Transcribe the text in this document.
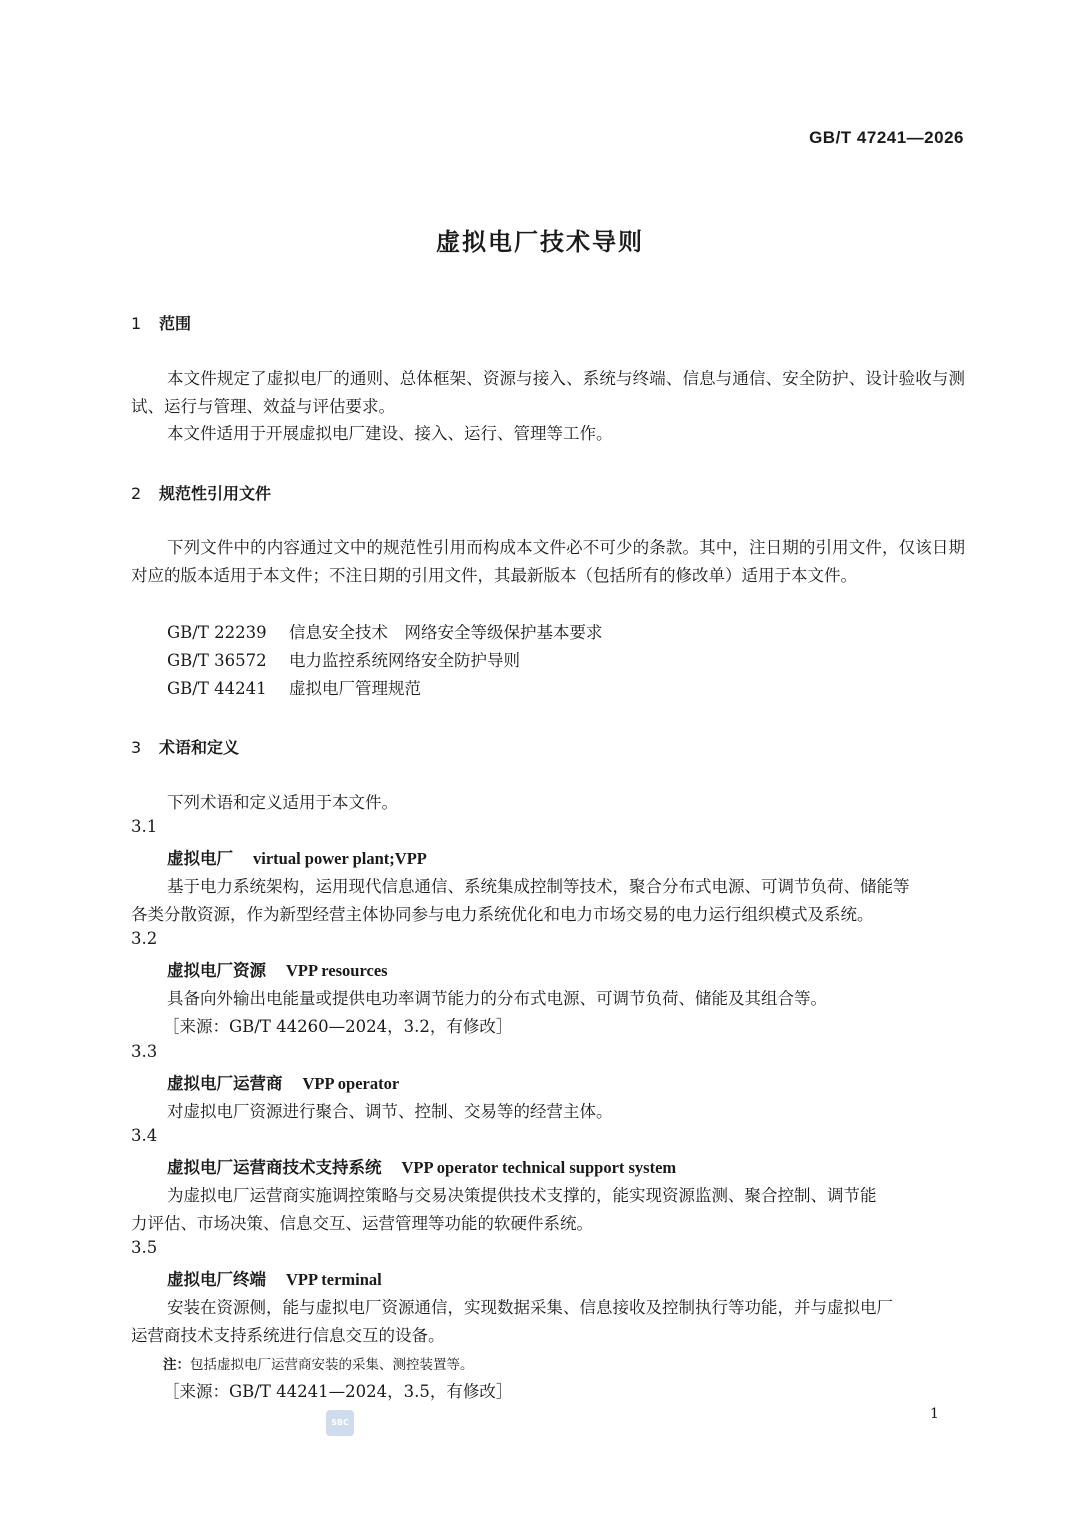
GB/T 47241—2026
虚拟电厂技术导则
1 范围
本文件规定了虚拟电厂的通则、总体框架、资源与接入、系统与终端、信息与通信、安全防护、设计验收与测试、运行与管理、效益与评估要求。
本文件适用于开展虚拟电厂建设、接入、运行、管理等工作。
2 规范性引用文件
下列文件中的内容通过文中的规范性引用而构成本文件必不可少的条款。其中，注日期的引用文件，仅该日期对应的版本适用于本文件；不注日期的引用文件，其最新版本（包括所有的修改单）适用于本文件。
GB/T 22239 信息安全技术　网络安全等级保护基本要求
GB/T 36572 电力监控系统网络安全防护导则
GB/T 44241 虚拟电厂管理规范
3 术语和定义
下列术语和定义适用于本文件。
3.1
虚拟电厂 virtual power plant;VPP
基于电力系统架构，运用现代信息通信、系统集成控制等技术，聚合分布式电源、可调节负荷、储能等
各类分散资源，作为新型经营主体协同参与电力系统优化和电力市场交易的电力运行组织模式及系统。
3.2
虚拟电厂资源 VPP resources
具备向外输出电能量或提供电功率调节能力的分布式电源、可调节负荷、储能及其组合等。
［来源：GB/T 44260—2024，3.2，有修改］
3.3
虚拟电厂运营商 VPP operator
对虚拟电厂资源进行聚合、调节、控制、交易等的经营主体。
3.4
虚拟电厂运营商技术支持系统 VPP operator technical support system
为虚拟电厂运营商实施调控策略与交易决策提供技术支撑的，能实现资源监测、聚合控制、调节能
力评估、市场决策、信息交互、运营管理等功能的软硬件系统。
3.5
虚拟电厂终端 VPP terminal
安装在资源侧，能与虚拟电厂资源通信，实现数据采集、信息接收及控制执行等功能，并与虚拟电厂
运营商技术支持系统进行信息交互的设备。
注：包括虚拟电厂运营商安装的采集、测控装置等。
［来源：GB/T 44241—2024，3.5，有修改］
1
SBC
